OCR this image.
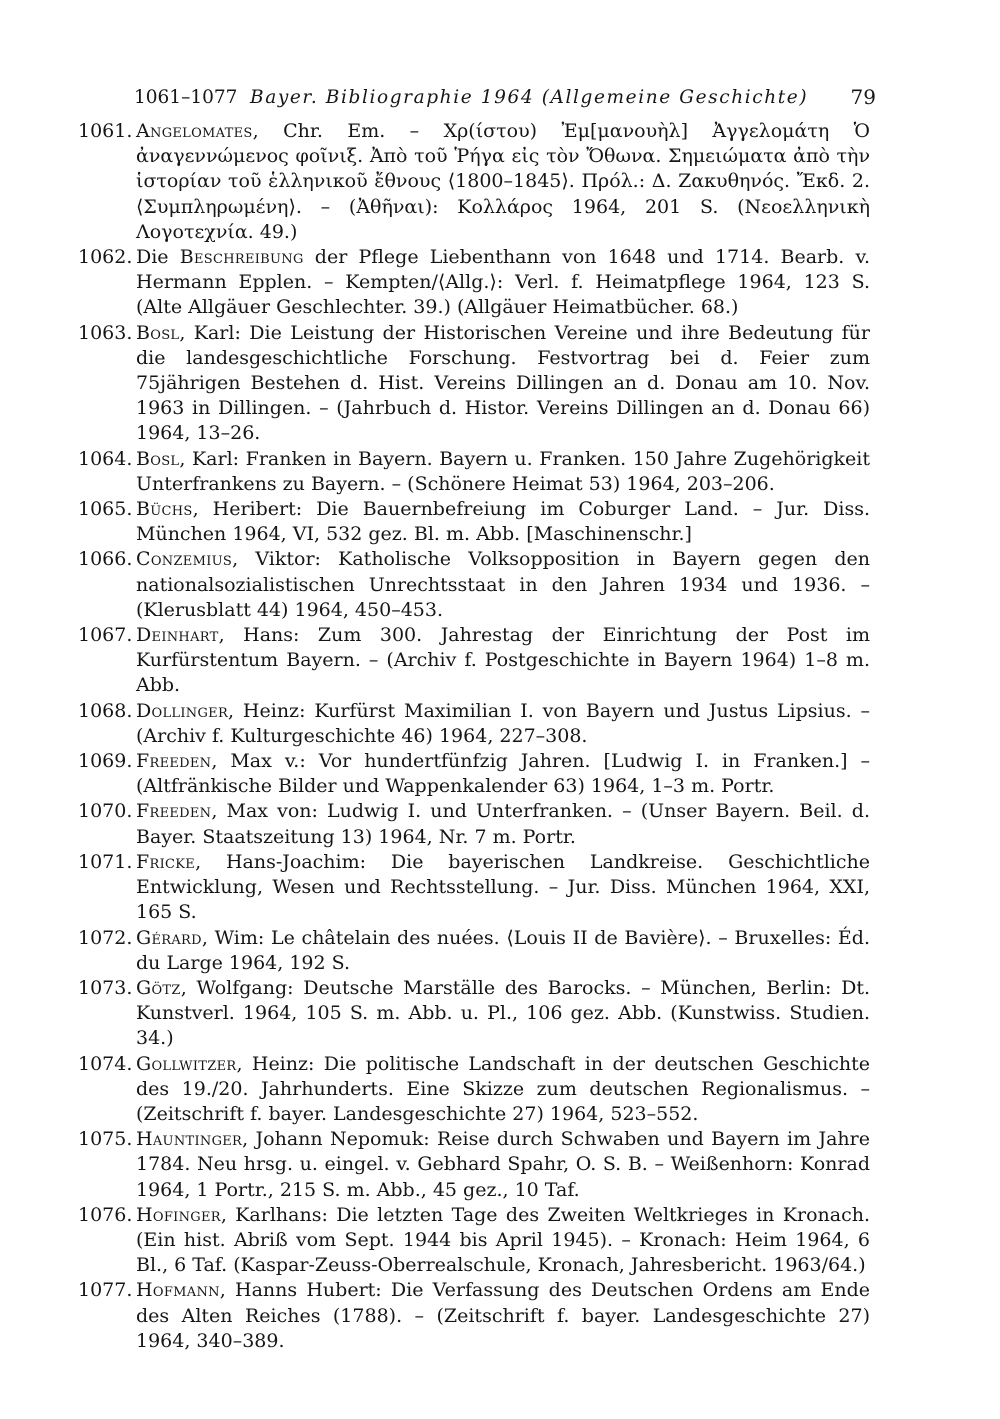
1061–1077 Bayer. Bibliographie 1964 (Allgemeine Geschichte) 79
1061. Angelomates, Chr. Em. – Χρ(ίστου) Ἐμ[μανουὴλ] Ἀγγελομάτη Ὁ ἀναγεννώμενος φοῖνιξ. Ἀπὸ τοῦ Ῥήγα εἰς τὸν Ὄθωνα. Σημειώματα ἀπὸ τὴν ἱστορίαν τοῦ ἑλληνικοῦ ἔθνους ⟨1800–1845⟩. Πρόλ.: Δ. Ζακυθηνός. Ἔκδ. 2. ⟨Συμπληρωμένη⟩. – (Ἀθῆναι): Κολλάρος 1964, 201 S. (Νεοελληνικὴ Λογοτεχνία. 49.)
1062. Die Beschreibung der Pflege Liebenthann von 1648 und 1714. Bearb. v. Hermann Epplen. – Kempten/⟨Allg.⟩: Verl. f. Heimatpflege 1964, 123 S. (Alte Allgäuer Geschlechter. 39.) (Allgäuer Heimatbücher. 68.)
1063. Bosl, Karl: Die Leistung der Historischen Vereine und ihre Bedeutung für die landesgeschichtliche Forschung. Festvortrag bei d. Feier zum 75jährigen Bestehen d. Hist. Vereins Dillingen an d. Donau am 10. Nov. 1963 in Dillingen. – (Jahrbuch d. Histor. Vereins Dillingen an d. Donau 66) 1964, 13–26.
1064. Bosl, Karl: Franken in Bayern. Bayern u. Franken. 150 Jahre Zugehörigkeit Unterfrankens zu Bayern. – (Schönere Heimat 53) 1964, 203–206.
1065. Büchs, Heribert: Die Bauernbefreiung im Coburger Land. – Jur. Diss. München 1964, VI, 532 gez. Bl. m. Abb. [Maschinenschr.]
1066. Conzemius, Viktor: Katholische Volksopposition in Bayern gegen den nationalsozialistischen Unrechtsstaat in den Jahren 1934 und 1936. – (Klerusblatt 44) 1964, 450–453.
1067. Deinhart, Hans: Zum 300. Jahrestag der Einrichtung der Post im Kurfürstentum Bayern. – (Archiv f. Postgeschichte in Bayern 1964) 1–8 m. Abb.
1068. Dollinger, Heinz: Kurfürst Maximilian I. von Bayern und Justus Lipsius. – (Archiv f. Kulturgeschichte 46) 1964, 227–308.
1069. Freeden, Max v.: Vor hundertfünfzig Jahren. [Ludwig I. in Franken.] – (Altfränkische Bilder und Wappenkalender 63) 1964, 1–3 m. Portr.
1070. Freeden, Max von: Ludwig I. und Unterfranken. – (Unser Bayern. Beil. d. Bayer. Staatszeitung 13) 1964, Nr. 7 m. Portr.
1071. Fricke, Hans-Joachim: Die bayerischen Landkreise. Geschichtliche Entwicklung, Wesen und Rechtsstellung. – Jur. Diss. München 1964, XXI, 165 S.
1072. Gérard, Wim: Le châtelain des nuées. ⟨Louis II de Bavière⟩. – Bruxelles: Éd. du Large 1964, 192 S.
1073. Götz, Wolfgang: Deutsche Marställe des Barocks. – München, Berlin: Dt. Kunstverl. 1964, 105 S. m. Abb. u. Pl., 106 gez. Abb. (Kunstwiss. Studien. 34.)
1074. Gollwitzer, Heinz: Die politische Landschaft in der deutschen Geschichte des 19./20. Jahrhunderts. Eine Skizze zum deutschen Regionalismus. – (Zeitschrift f. bayer. Landesgeschichte 27) 1964, 523–552.
1075. Hauntinger, Johann Nepomuk: Reise durch Schwaben und Bayern im Jahre 1784. Neu hrsg. u. eingel. v. Gebhard Spahr, O. S. B. – Weißenhorn: Konrad 1964, 1 Portr., 215 S. m. Abb., 45 gez., 10 Taf.
1076. Hofinger, Karlhans: Die letzten Tage des Zweiten Weltkrieges in Kronach. (Ein hist. Abriß vom Sept. 1944 bis April 1945). – Kronach: Heim 1964, 6 Bl., 6 Taf. (Kaspar-Zeuss-Oberrealschule, Kronach, Jahresbericht. 1963/64.)
1077. Hofmann, Hanns Hubert: Die Verfassung des Deutschen Ordens am Ende des Alten Reiches (1788). – (Zeitschrift f. bayer. Landesgeschichte 27) 1964, 340–389.
